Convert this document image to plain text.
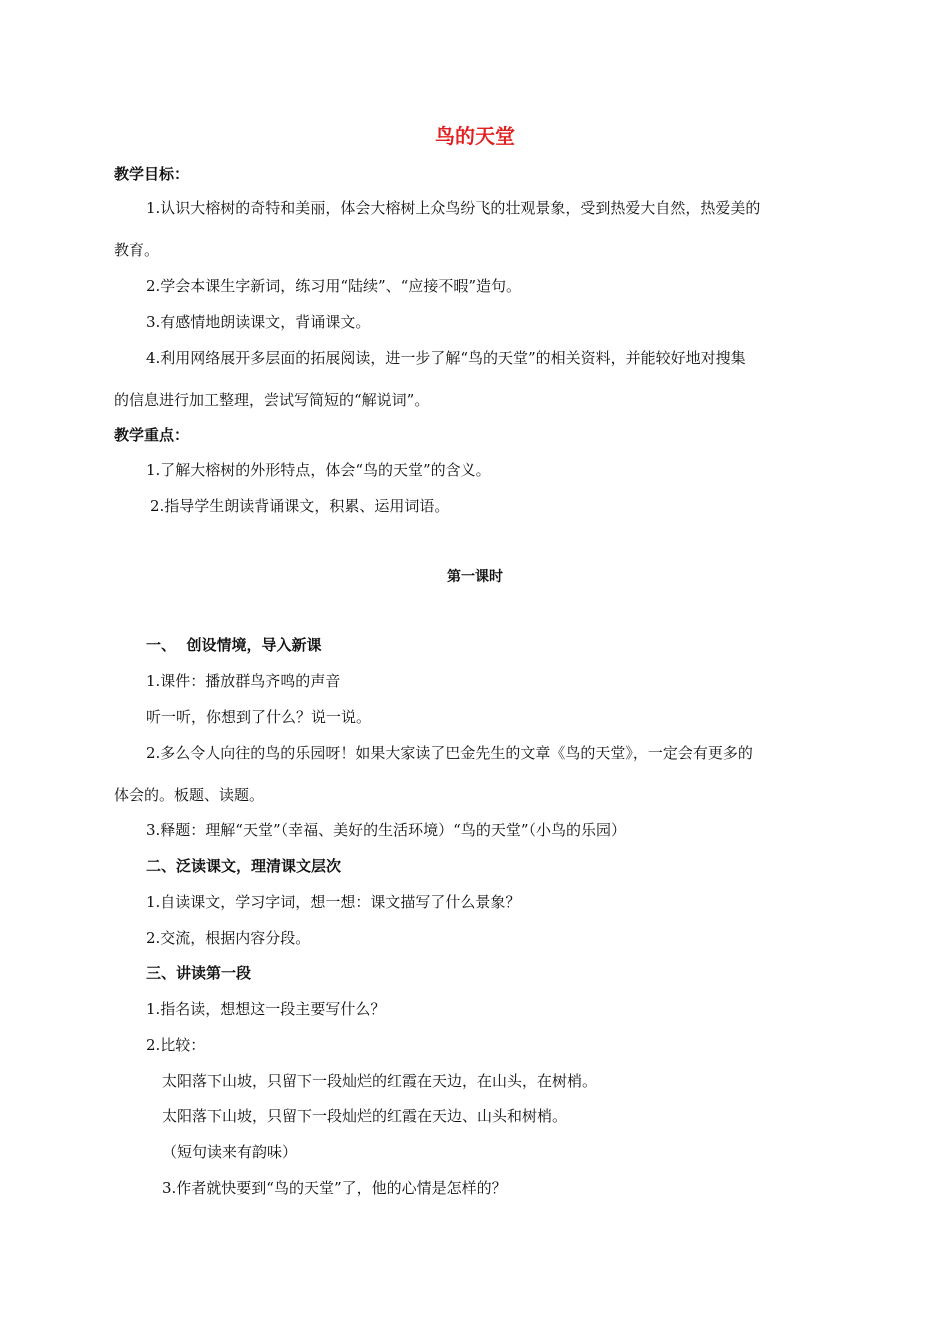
鸟的天堂
教学目标：
1.认识大榕树的奇特和美丽，体会大榕树上众鸟纷飞的壮观景象，受到热爱大自然，热爱美的
教育。
2.学会本课生字新词，练习用“陆续”、“应接不暇”造句。
3.有感情地朗读课文，背诵课文。
4.利用网络展开多层面的拓展阅读，进一步了解“鸟的天堂”的相关资料，并能较好地对搜集
的信息进行加工整理，尝试写简短的“解说词”。
教学重点：
1.了解大榕树的外形特点，体会“鸟的天堂”的含义。
2.指导学生朗读背诵课文，积累、运用词语。
第一课时
一、  创设情境，导入新课
1.课件：播放群鸟齐鸣的声音
听一听，你想到了什么？说一说。
2.多么令人向往的鸟的乐园呀！如果大家读了巴金先生的文章《鸟的天堂》，一定会有更多的
体会的。板题、读题。
3.释题：理解“天堂”（幸福、美好的生活环境）“鸟的天堂”（小鸟的乐园）
二、泛读课文，理清课文层次
1.自读课文，学习字词，想一想：课文描写了什么景象？
2.交流，根据内容分段。
三、讲读第一段
1.指名读，想想这一段主要写什么？
2.比较：
太阳落下山坡，只留下一段灿烂的红霞在天边，在山头，在树梢。
太阳落下山坡，只留下一段灿烂的红霞在天边、山头和树梢。
（短句读来有韵味）
3.作者就快要到“鸟的天堂”了，他的心情是怎样的？
